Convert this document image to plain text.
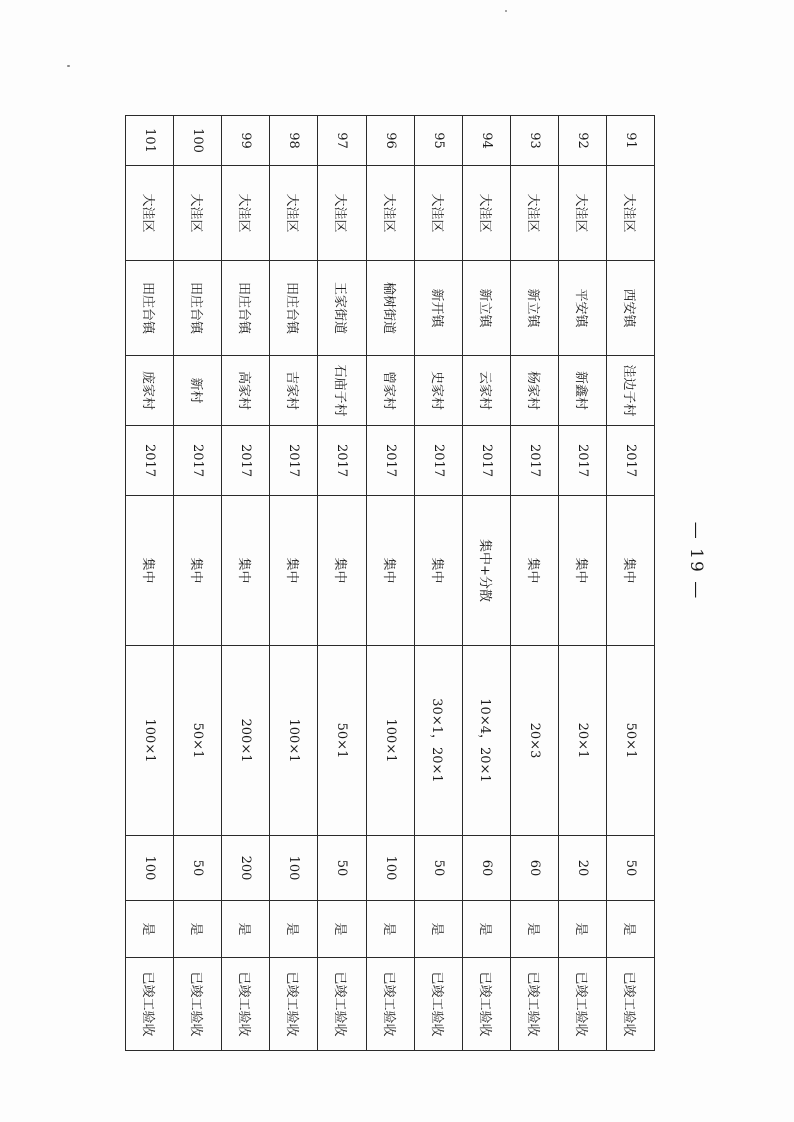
91	大洼区	西安镇	洼边子村	2017	集中	50×1	50	是	已竣工验收
92	大洼区	平安镇	新鑫村	2017	集中	20×1	20	是	已竣工验收
93	大洼区	新立镇	杨家村	2017	集中	20×3	60	是	已竣工验收
94	大洼区	新立镇	云家村	2017	集中+分散	10×4，20×1	60	是	已竣工验收
95	大洼区	新开镇	史家村	2017	集中	30×1，20×1	50	是	已竣工验收
96	大洼区	榆树街道	曾家村	2017	集中	100×1	100	是	已竣工验收
97	大洼区	王家街道	石庙子村	2017	集中	50×1	50	是	已竣工验收
98	大洼区	田庄台镇	吉家村	2017	集中	100×1	100	是	已竣工验收
99	大洼区	田庄台镇	高家村	2017	集中	200×1	200	是	已竣工验收
100	大洼区	田庄台镇	新村	2017	集中	50×1	50	是	已竣工验收
101	大洼区	田庄台镇	庞家村	2017	集中	100×1	100	是	已竣工验收
— 19 —
